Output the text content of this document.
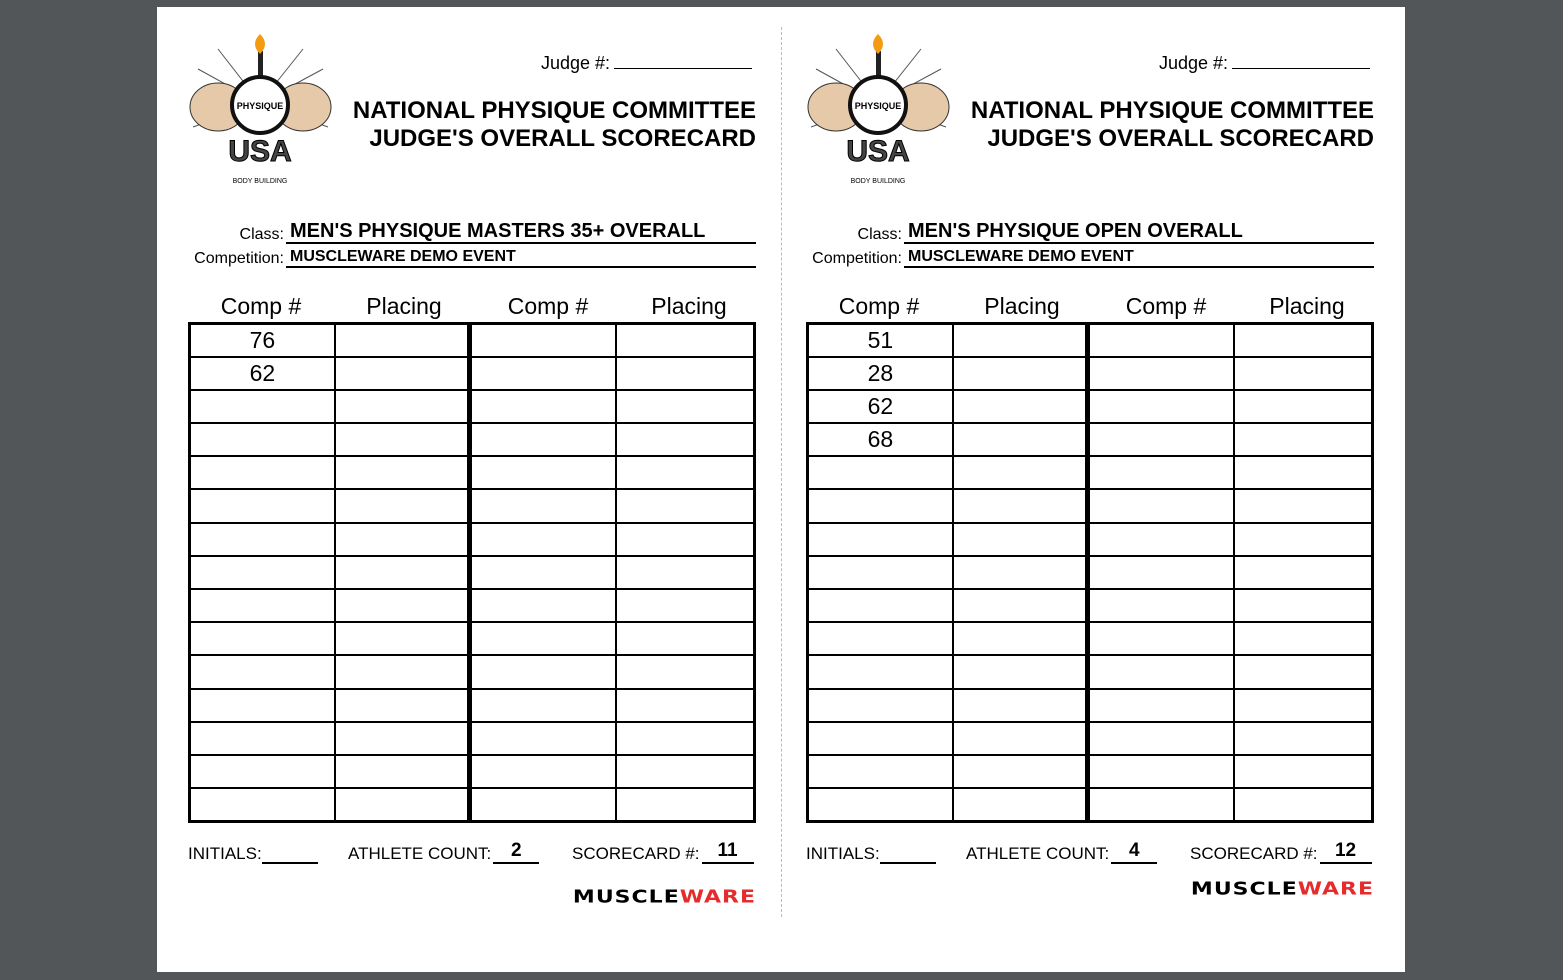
PHYSIQUE
USA
BODY BUILDING
Judge #:
NATIONAL PHYSIQUE COMMITTEE
JUDGE'S OVERALL SCORECARD
Class: MEN'S PHYSIQUE MASTERS 35+ OVERALL
Competition: MUSCLEWARE DEMO EVENT
Comp #	Placing	Comp #	Placing
76			
62			

INITIALS:	ATHLETE COUNT:	2	SCORECARD #: 11
MUSCLEWARE
PHYSIQUE
USA
BODY BUILDING
Judge #:
NATIONAL PHYSIQUE COMMITTEE
JUDGE'S OVERALL SCORECARD
Class: MEN'S PHYSIQUE OPEN OVERALL
Competition: MUSCLEWARE DEMO EVENT
Comp #	Placing	Comp #	Placing
51			
28			
62			
68			

INITIALS:	ATHLETE COUNT:	4	SCORECARD #: 12
MUSCLEWARE
